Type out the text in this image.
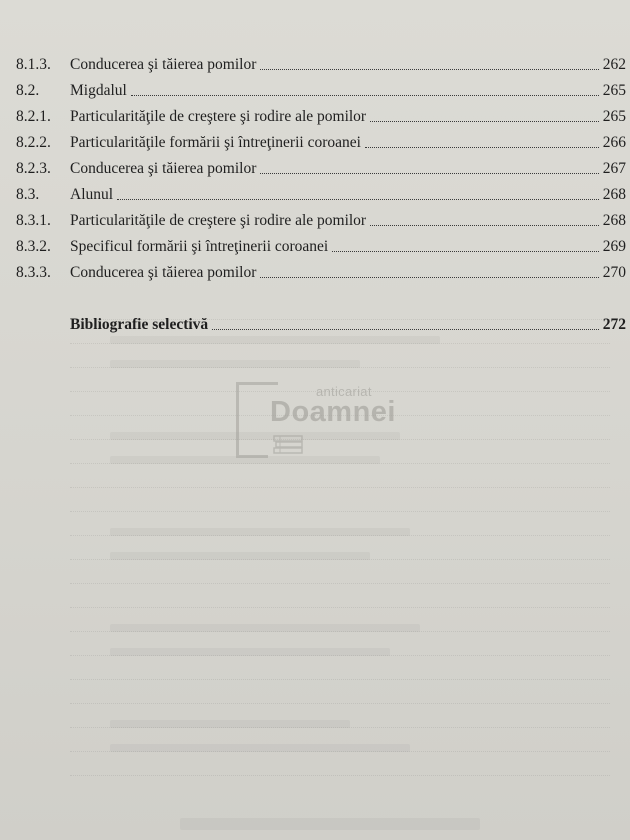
8.1.3.	Conducerea şi tăierea pomilor	262
8.2.	Migdalul	265
8.2.1.	Particularităţile de creştere şi rodire ale pomilor	265
8.2.2.	Particularităţile formării şi întreţinerii coroanei	266
8.2.3.	Conducerea şi tăierea pomilor	267
8.3.	Alunul	268
8.3.1.	Particularităţile de creştere şi rodire ale pomilor	268
8.3.2.	Specificul formării şi întreţinerii coroanei	269
8.3.3.	Conducerea şi tăierea pomilor	270
Bibliografie selectivă	272
anticariat
Doamnei
